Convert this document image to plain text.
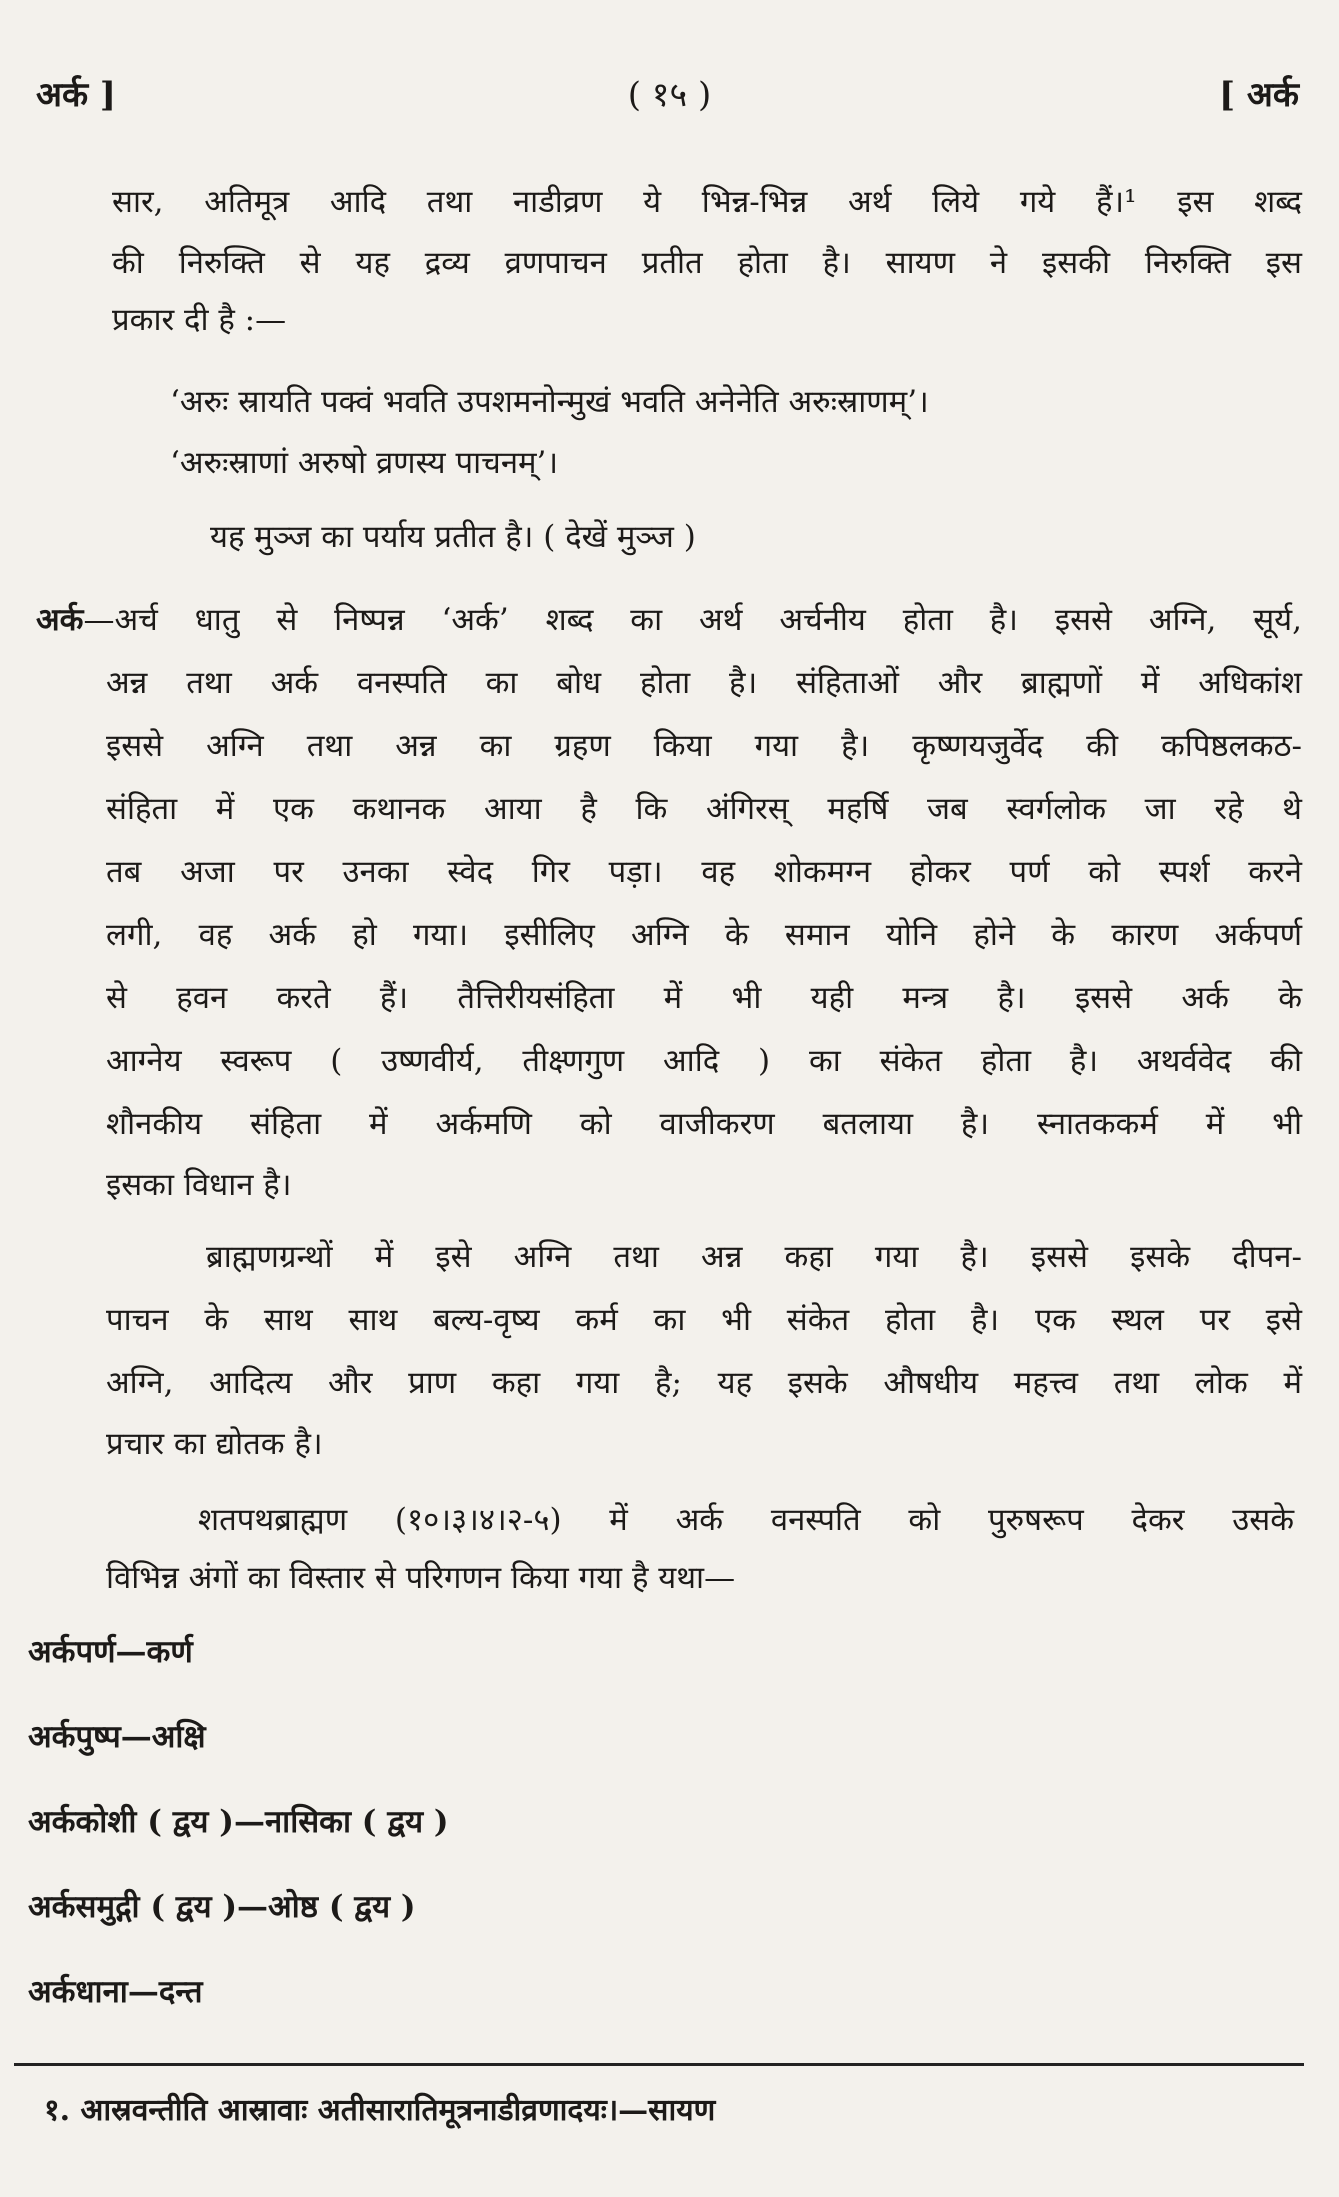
अर्क ]	( १५ )	[ अर्क
सार, अतिमूत्र आदि तथा नाडीव्रण ये भिन्न-भिन्न अर्थ लिये गये हैं।¹ इस शब्द
की निरुक्ति से यह द्रव्य व्रणपाचन प्रतीत होता है। सायण ने इसकी निरुक्ति इस
प्रकार दी है :—
‘अरुः स्रायति पक्वं भवति उपशमनोन्मुखं भवति अनेनेति अरुःस्राणम्’।
‘अरुःस्राणां अरुषो व्रणस्य पाचनम्’।
यह मुञ्ज का पर्याय प्रतीत है। ( देखें मुञ्ज )
अर्क—अर्च धातु से निष्पन्न ‘अर्क’ शब्द का अर्थ अर्चनीय होता है। इससे अग्नि, सूर्य,
अन्न तथा अर्क वनस्पति का बोध होता है। संहिताओं और ब्राह्मणों में अधिकांश
इससे अग्नि तथा अन्न का ग्रहण किया गया है। कृष्णयजुर्वेद की कपिष्ठलकठ-
संहिता में एक कथानक आया है कि अंगिरस् महर्षि जब स्वर्गलोक जा रहे थे
तब अजा पर उनका स्वेद गिर पड़ा। वह शोकमग्न होकर पर्ण को स्पर्श करने
लगी, वह अर्क हो गया। इसीलिए अग्नि के समान योनि होने के कारण अर्कपर्ण
से हवन करते हैं। तैत्तिरीयसंहिता में भी यही मन्त्र है। इससे अर्क के
आग्नेय स्वरूप ( उष्णवीर्य, तीक्ष्णगुण आदि ) का संकेत होता है। अथर्ववेद की
शौनकीय संहिता में अर्कमणि को वाजीकरण बतलाया है। स्नातककर्म में भी
इसका विधान है।
ब्राह्मणग्रन्थों में इसे अग्नि तथा अन्न कहा गया है। इससे इसके दीपन-
पाचन के साथ साथ बल्य-वृष्य कर्म का भी संकेत होता है। एक स्थल पर इसे
अग्नि, आदित्य और प्राण कहा गया है; यह इसके औषधीय महत्त्व तथा लोक में
प्रचार का द्योतक है।
शतपथब्राह्मण (१०।३।४।२-५) में अर्क वनस्पति को पुरुषरूप देकर उसके
विभिन्न अंगों का विस्तार से परिगणन किया गया है यथा—
अर्कपर्ण—कर्ण
अर्कपुष्प—अक्षि
अर्ककोशी ( द्वय )—नासिका ( द्वय )
अर्कसमुद्गी ( द्वय )—ओष्ठ ( द्वय )
अर्कधाना—दन्त
१. आस्रवन्तीति आस्रावाः अतीसारातिमूत्रनाडीव्रणादयः।—सायण
